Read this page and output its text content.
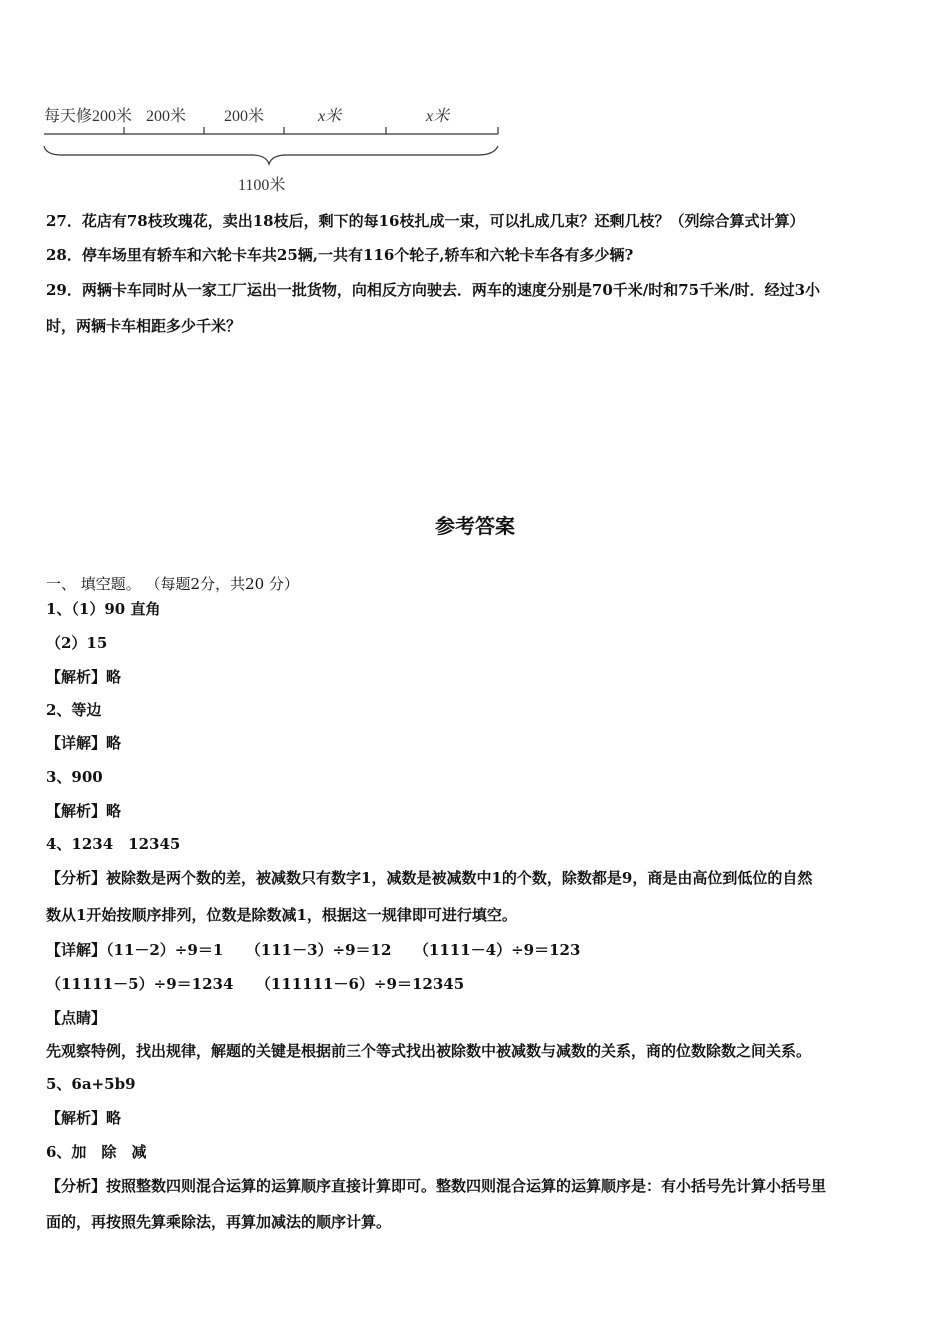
每天修200米 200米 200米	x米	x米
1100米
27．花店有78枝玫瑰花，卖出18枝后，剩下的每16枝扎成一束，可以扎成几束？还剩几枝？（列综合算式计算）
28．停车场里有轿车和六轮卡车共25辆,一共有116个轮子,轿车和六轮卡车各有多少辆?
29．两辆卡车同时从一家工厂运出一批货物，向相反方向驶去．两车的速度分别是70千米/时和75千米/时．经过3小
时，两辆卡车相距多少千米？
参考答案
一、 填空题。 （每题2分，共20 分）
1、（1）90 直角
（2）15
【解析】略
2、等边
【详解】略
3、900
【解析】略
4、1234　12345
【分析】被除数是两个数的差，被减数只有数字1，减数是被减数中1的个数，除数都是9，商是由高位到低位的自然
数从1开始按顺序排列，位数是除数减1，根据这一规律即可进行填空。
【详解】（11－2）÷9＝1　　（111－3）÷9＝12　　（1111－4）÷9＝123
（11111－5）÷9＝1234　　（111111－6）÷9＝12345
【点睛】
先观察特例，找出规律，解题的关键是根据前三个等式找出被除数中被减数与减数的关系，商的位数除数之间关系。
5、6a+5b9
【解析】略
6、加　除　减
【分析】按照整数四则混合运算的运算顺序直接计算即可。整数四则混合运算的运算顺序是：有小括号先计算小括号里
面的，再按照先算乘除法，再算加减法的顺序计算。
